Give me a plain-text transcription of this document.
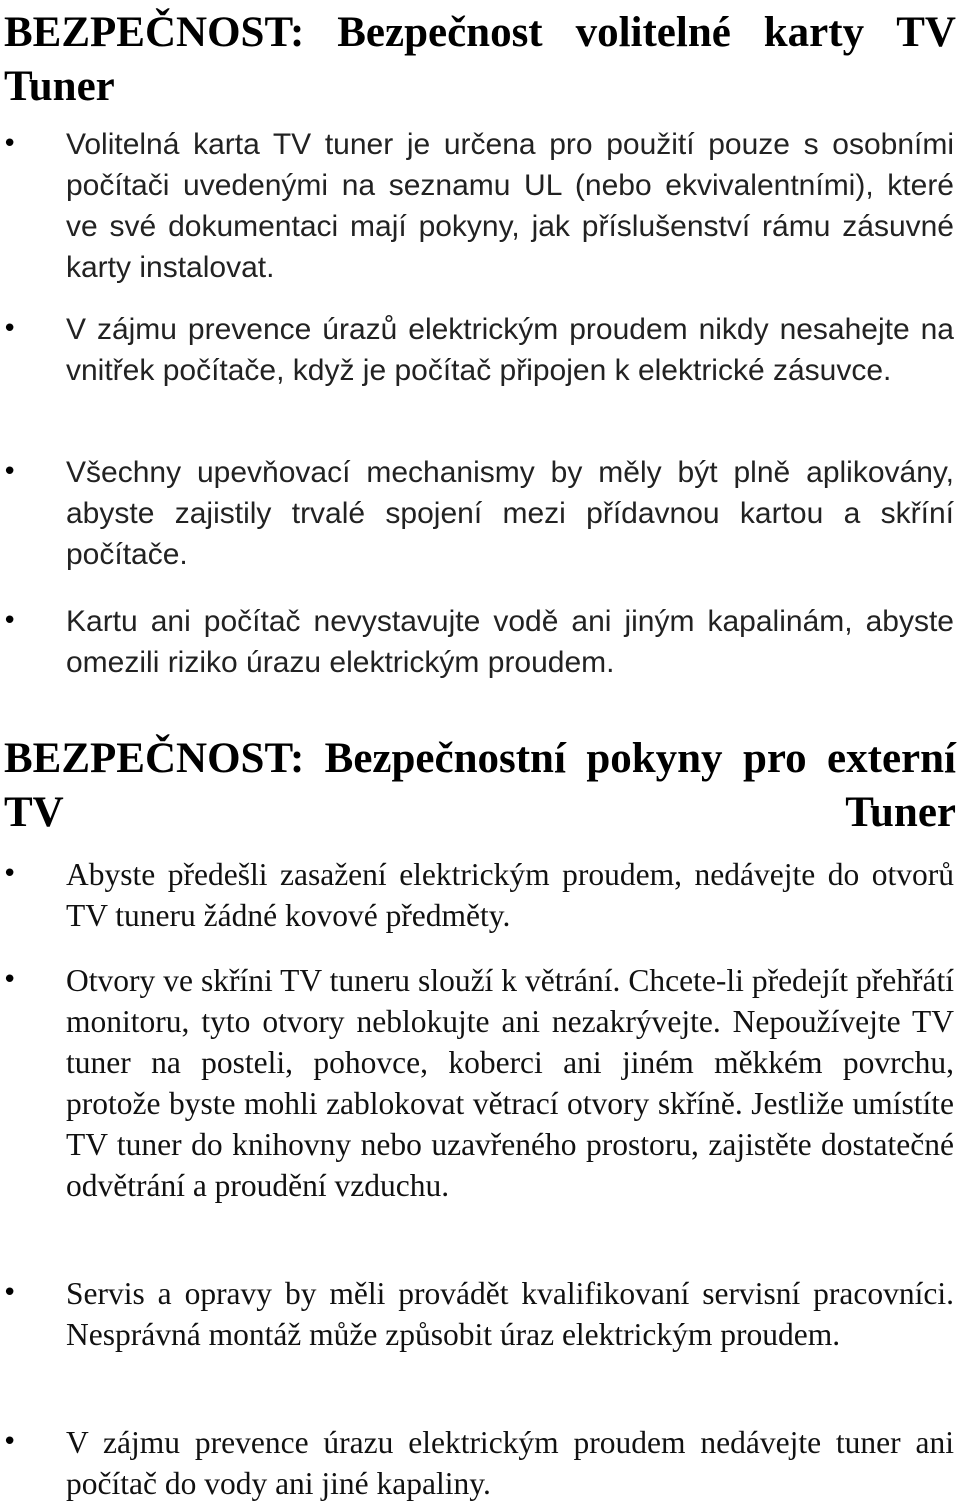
BEZPEČNOST: Bezpečnost volitelné karty TV Tuner
• Volitelná karta TV tuner je určena pro použití pouze s osobními počítači uvedenými na seznamu UL (nebo ekvivalentními), které ve své dokumentaci mají pokyny, jak příslušenství rámu zásuvné karty instalovat.
• V zájmu prevence úrazů elektrickým proudem nikdy nesahejte na vnitřek počítače, když je počítač připojen k elektrické zásuvce.
• Všechny upevňovací mechanismy by měly být plně aplikovány, abyste zajistily trvalé spojení mezi přídavnou kartou a skříní počítače.
• Kartu ani počítač nevystavujte vodě ani jiným kapalinám, abyste omezili riziko úrazu elektrickým proudem.
BEZPEČNOST: Bezpečnostní pokyny pro externí TV Tuner
• Abyste předešli zasažení elektrickým proudem, nedávejte do otvorů TV tuneru žádné kovové předměty.
• Otvory ve skříni TV tuneru slouží k větrání. Chcete-li předejít přehřátí monitoru, tyto otvory neblokujte ani nezakrývejte. Nepoužívejte TV tuner na posteli, pohovce, koberci ani jiném měkkém povrchu, protože byste mohli zablokovat větrací otvory skříně. Jestliže umístíte TV tuner do knihovny nebo uzavřeného prostoru, zajistěte dostatečné odvětrání a proudění vzduchu.
• Servis a opravy by měli provádět kvalifikovaní servisní pracovníci. Nesprávná montáž může způsobit úraz elektrickým proudem.
• V zájmu prevence úrazu elektrickým proudem nedávejte tuner ani počítač do vody ani jiné kapaliny.
